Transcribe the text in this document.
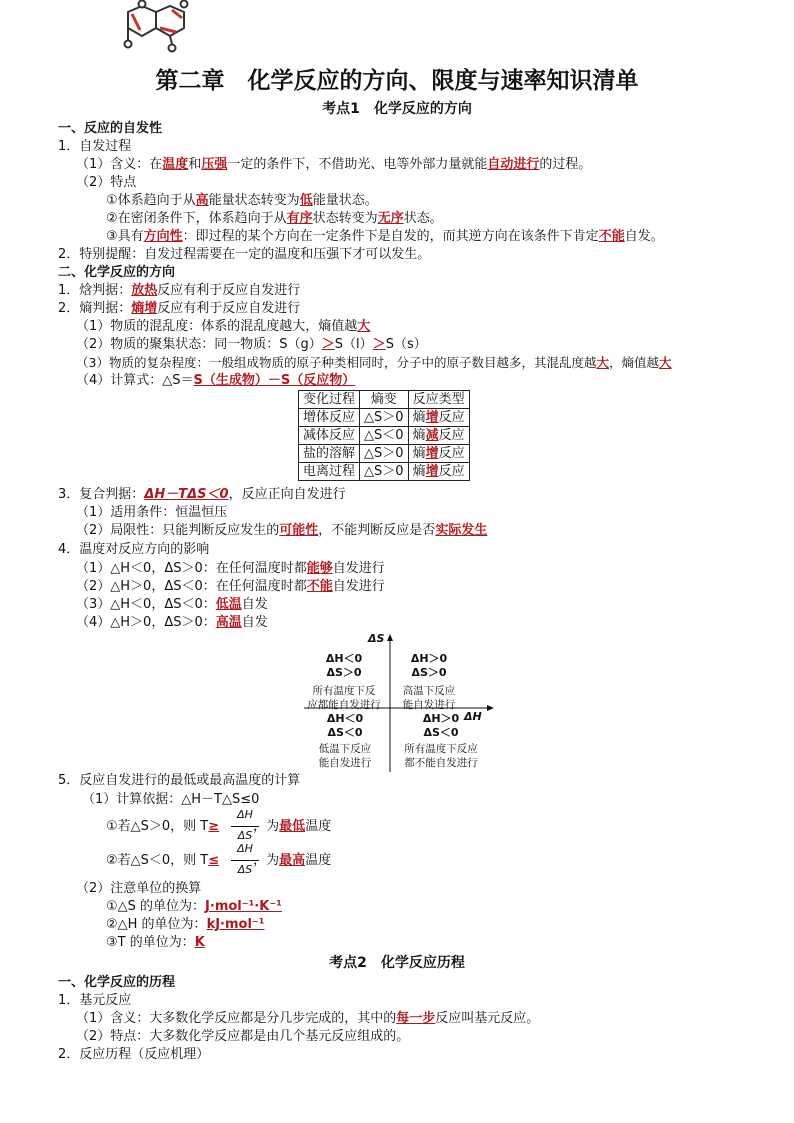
第二章　化学反应的方向、限度与速率知识清单
考点1　化学反应的方向
一、反应的自发性
1．自发过程
（1）含义：在温度和压强一定的条件下，不借助光、电等外部力量就能自动进行的过程。
（2）特点
①体系趋向于从高能量状态转变为低能量状态。
②在密闭条件下，体系趋向于从有序状态转变为无序状态。
③具有方向性：即过程的某个方向在一定条件下是自发的，而其逆方向在该条件下肯定不能自发。
2．特别提醒：自发过程需要在一定的温度和压强下才可以发生。
二、化学反应的方向
1．焓判据：放热反应有利于反应自发进行
2．熵判据：熵增反应有利于反应自发进行
（1）物质的混乱度：体系的混乱度越大，熵值越大
（2）物质的聚集状态：同一物质：S（g）＞S（l）＞S（s）
（3）物质的复杂程度：一般组成物质的原子种类相同时，分子中的原子数目越多，其混乱度越大，熵值越大
（4）计算式：△S＝S（生成物）－S（反应物）
变化过程	熵变	反应类型
增体反应	△S＞0	熵增反应
减体反应	△S＜0	熵减反应
盐的溶解	△S＞0	熵增反应
电离过程	△S＞0	熵增反应
3．复合判据：ΔH－TΔS＜0，反应正向自发进行
（1）适用条件：恒温恒压
（2）局限性：只能判断反应发生的可能性，不能判断反应是否实际发生
4．温度对反应方向的影响
（1）△H＜0，ΔS＞0：在任何温度时都能够自发进行
（2）△H＞0，ΔS＜0：在任何温度时都不能自发进行
（3）△H＜0，ΔS＜0：低温自发
（4）△H＞0，ΔS＞0：高温自发
ΔS
ΔH
ΔH＜0
ΔS＞0
所有温度下反
应都能自发进行
ΔH＞0
ΔS＞0
高温下反应
能自发进行
ΔH＜0
ΔS＜0
低温下反应
能自发进行
ΔH＞0
ΔS＜0
所有温度下反应
都不能自发进行
5．反应自发进行的最低或最高温度的计算
（1）计算依据：△H－T△S≤0
①若△S＞0，则 T≥	，为最低温度
ΔH
ΔS
②若△S＜0，则 T≤	，为最高温度
ΔH
ΔS
（2）注意单位的换算
①△S 的单位为：J·mol⁻¹·K⁻¹
②△H 的单位为：kJ·mol⁻¹
③T 的单位为：K
考点2　化学反应历程
一、化学反应的历程
1．基元反应
（1）含义：大多数化学反应都是分几步完成的，其中的每一步反应叫基元反应。
（2）特点：大多数化学反应都是由几个基元反应组成的。
2．反应历程（反应机理）
